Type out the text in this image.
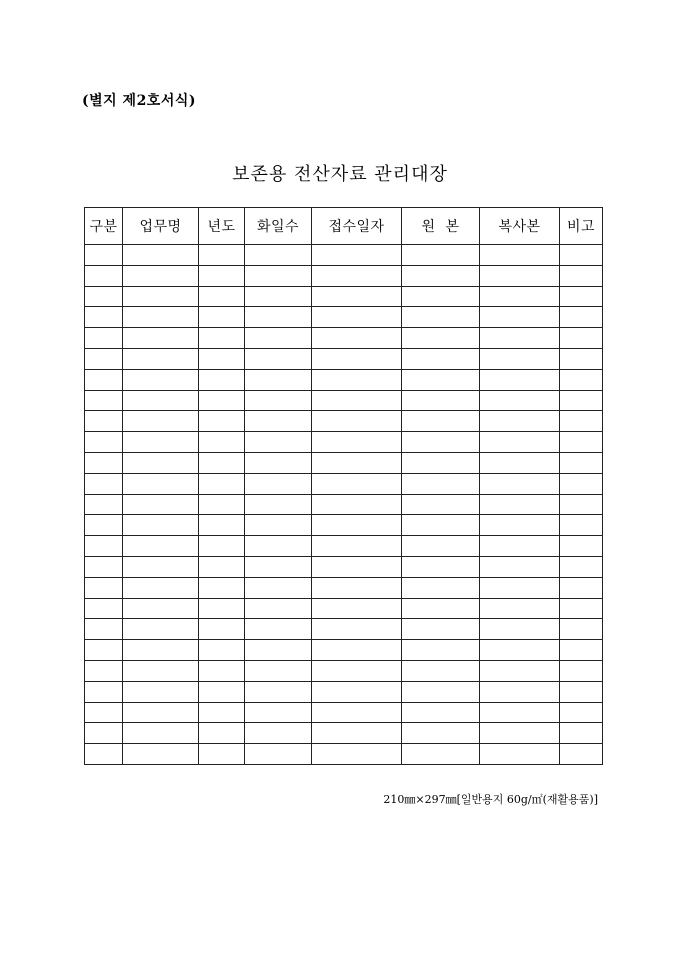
(별지 제2호서식)
보존용 전산자료 관리대장
구분	업무명	년도	화일수	접수일자	원  본	복사본	비고

210㎜×297㎜[일반용지 60g/㎡(재활용품)]
